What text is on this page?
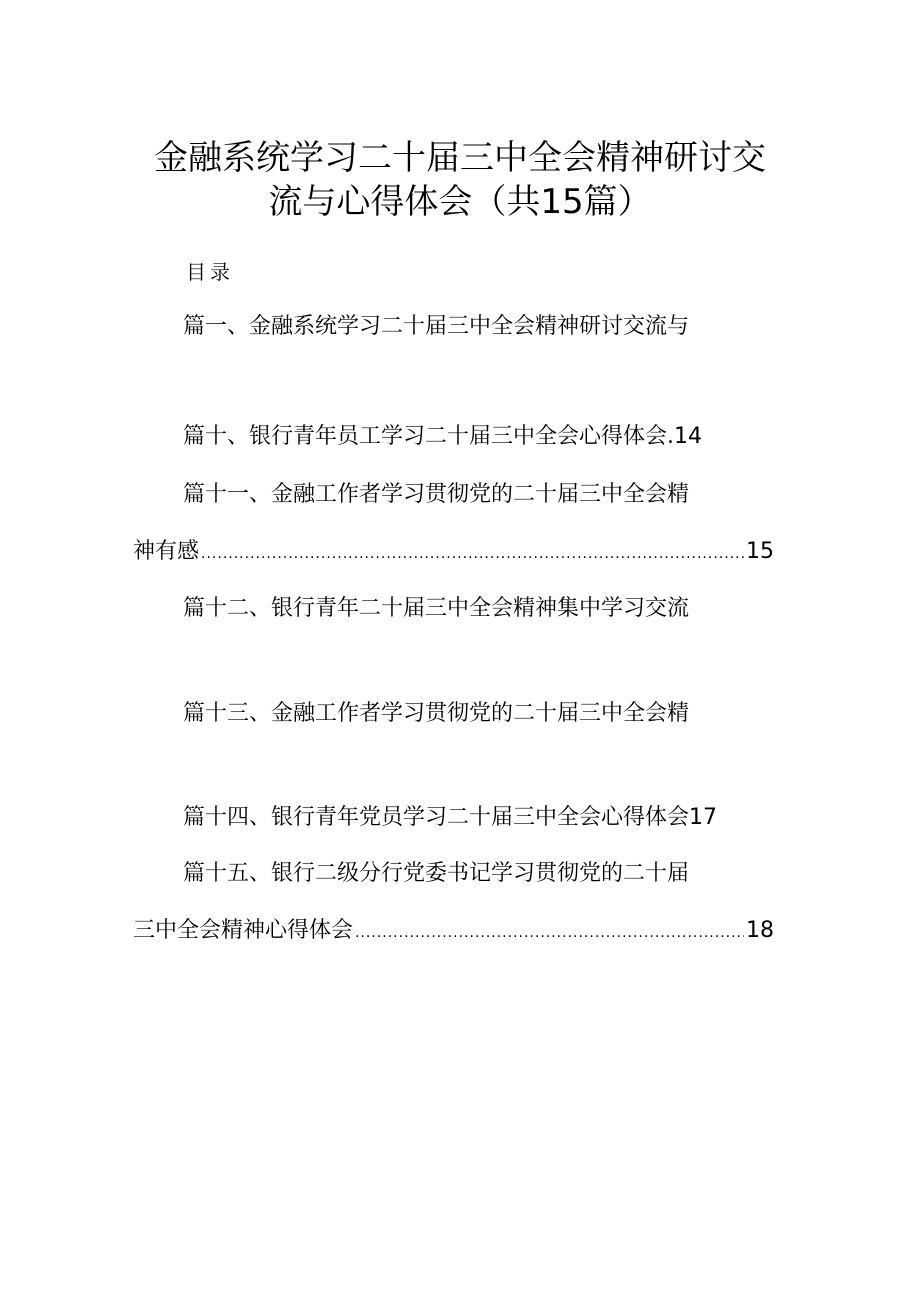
金融系统学习二十届三中全会精神研讨交
流与心得体会（共15篇）
目录
篇一、金融系统学习二十届三中全会精神研讨交流与
篇十、银行青年员工学习二十届三中全会心得体会.14
篇十一、金融工作者学习贯彻党的二十届三中全会精
神有感 .....	15
篇十二、银行青年二十届三中全会精神集中学习交流
篇十三、金融工作者学习贯彻党的二十届三中全会精
篇十四、银行青年党员学习二十届三中全会心得体会17
篇十五、银行二级分行党委书记学习贯彻党的二十届
三中全会精神心得体会 .....	18
